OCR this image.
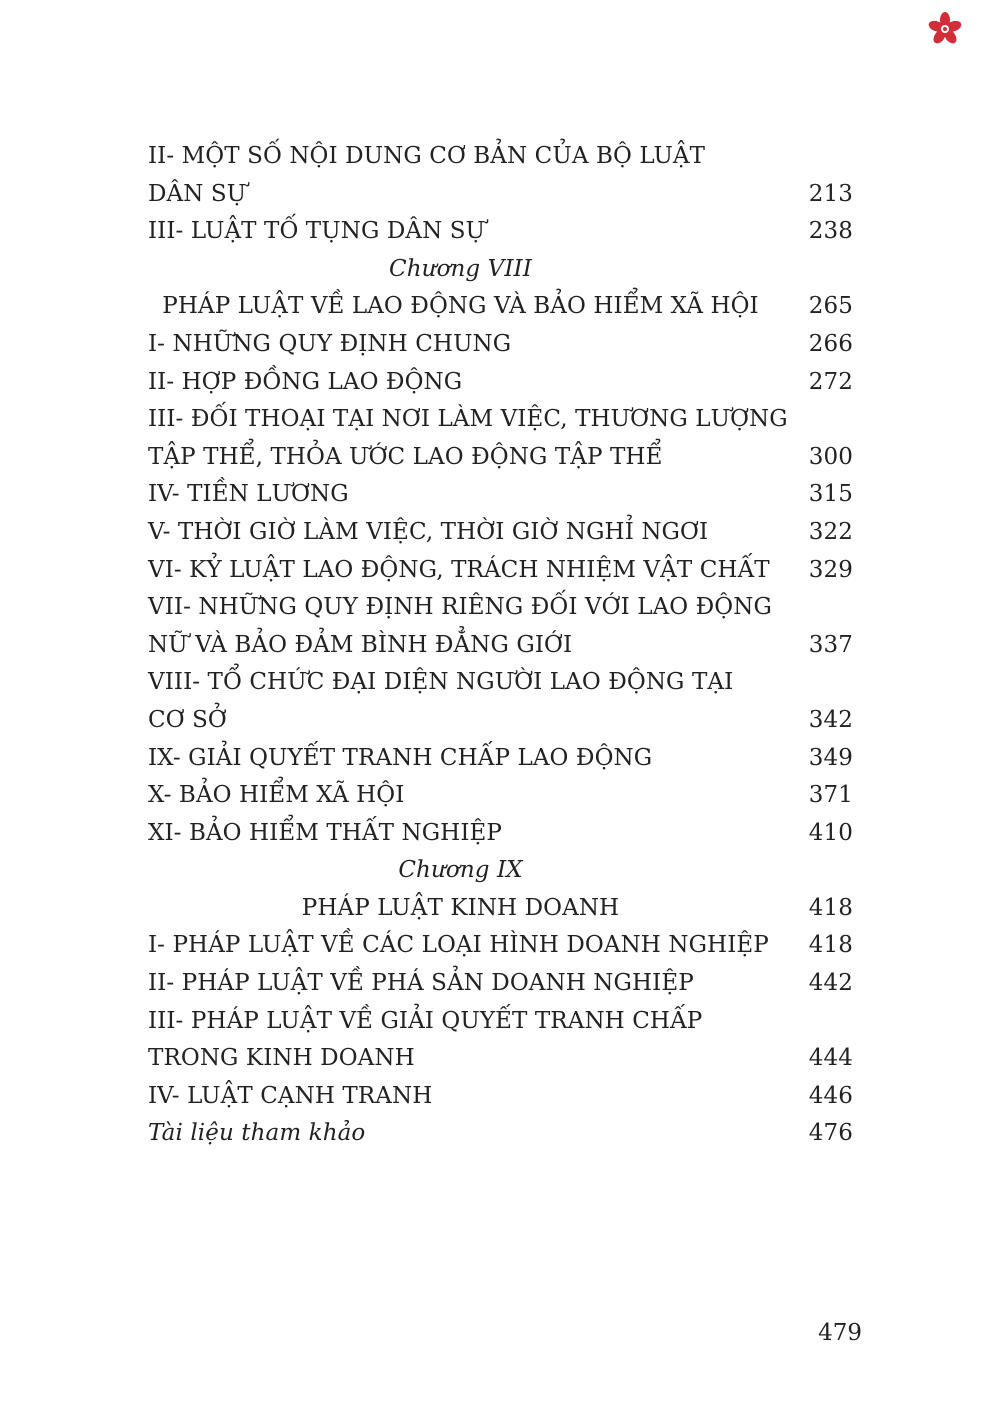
II- MỘT SỐ NỘI DUNG CƠ BẢN CỦA BỘ LUẬT
DÂN SỰ	213
III- LUẬT TỐ TỤNG DÂN SỰ	238
Chương VIII
PHÁP LUẬT VỀ LAO ĐỘNG VÀ BẢO HIỂM XÃ HỘI	265
I- NHỮNG QUY ĐỊNH CHUNG	266
II- HỢP ĐỒNG LAO ĐỘNG	272
III- ĐỐI THOẠI TẠI NƠI LÀM VIỆC, THƯƠNG LƯỢNG
TẬP THỂ, THỎA ƯỚC LAO ĐỘNG TẬP THỂ	300
IV- TIỀN LƯƠNG	315
V- THỜI GIỜ LÀM VIỆC, THỜI GIỜ NGHỈ NGƠI	322
VI- KỶ LUẬT LAO ĐỘNG, TRÁCH NHIỆM VẬT CHẤT 329
VII- NHỮNG QUY ĐỊNH RIÊNG ĐỐI VỚI LAO ĐỘNG
NỮ VÀ BẢO ĐẢM BÌNH ĐẲNG GIỚI	337
VIII- TỔ CHỨC ĐẠI DIỆN NGƯỜI LAO ĐỘNG TẠI
CƠ SỞ	342
IX- GIẢI QUYẾT TRANH CHẤP LAO ĐỘNG	349
X- BẢO HIỂM XÃ HỘI	371
XI- BẢO HIỂM THẤT NGHIỆP	410
Chương IX
PHÁP LUẬT KINH DOANH	418
I- PHÁP LUẬT VỀ CÁC LOẠI HÌNH DOANH NGHIỆP 418
II- PHÁP LUẬT VỀ PHÁ SẢN DOANH NGHIỆP	442
III- PHÁP LUẬT VỀ GIẢI QUYẾT TRANH CHẤP
TRONG KINH DOANH	444
IV- LUẬT CẠNH TRANH	446
Tài liệu tham khảo	476
479
